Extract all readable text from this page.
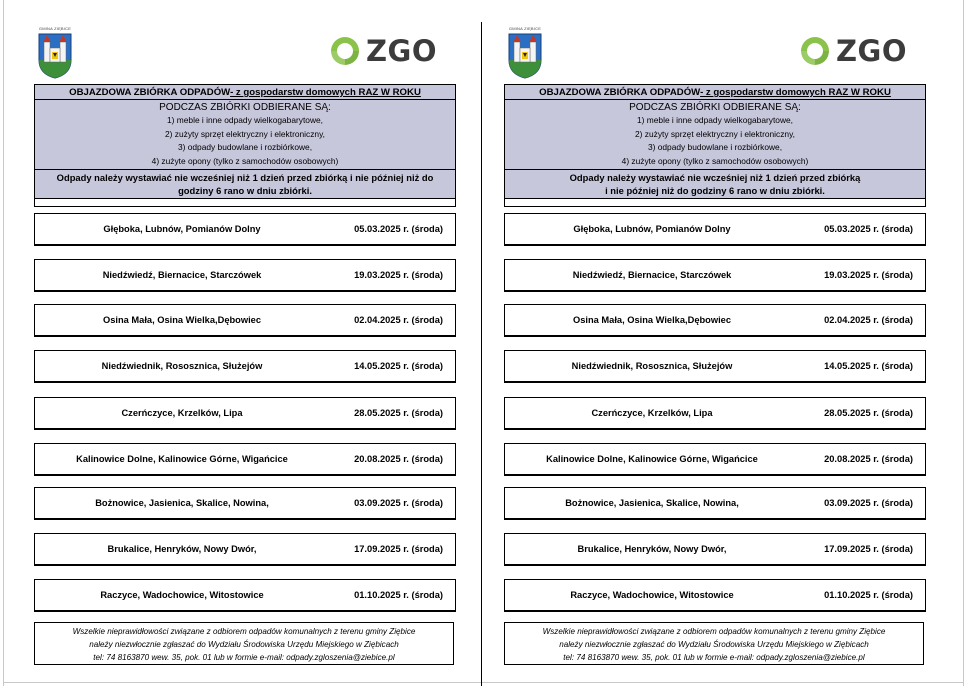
GMINA ZIĘBICE
ZGO
OBJAZDOWA ZBIÓRKA ODPADÓW- z gospodarstw domowych RAZ W ROKU
PODCZAS ZBIÓRKI ODBIERANE SĄ:
1) meble i inne odpady wielkogabarytowe,
2) zużyty sprzęt elektryczny i elektroniczny,
3) odpady budowlane i rozbiórkowe,
4) zużyte opony (tylko z samochodów osobowych)
Odpady należy wystawiać nie wcześniej niż 1 dzień przed zbiórką i nie później niż do
godziny 6 rano w dniu zbiórki.
Głęboka, Lubnów, Pomianów Dolny	05.03.2025 r. (środa)
Niedźwiedź, Biernacice, Starczówek	19.03.2025 r. (środa)
Osina Mała, Osina Wielka,Dębowiec	02.04.2025 r. (środa)
Niedźwiednik, Rososznica, Służejów	14.05.2025 r. (środa)
Czerńczyce, Krzelków, Lipa	28.05.2025 r. (środa)
Kalinowice Dolne, Kalinowice Górne, Wigańcice	20.08.2025 r. (środa)
Bożnowice, Jasienica, Skalice, Nowina,	03.09.2025 r. (środa)
Brukalice, Henryków, Nowy Dwór,	17.09.2025 r. (środa)
Raczyce, Wadochowice, Witostowice	01.10.2025 r. (środa)
Wszelkie nieprawidłowości związane z odbiorem odpadów komunalnych z terenu gminy Ziębice
należy niezwłocznie zgłaszać do Wydziału Środowiska Urzędu Miejskiego w Ziębicach
tel: 74 8163870 wew. 35, pok. 01 lub w formie e-mail: odpady.zgloszenia@ziebice.pl
GMINA ZIĘBICE
ZGO
OBJAZDOWA ZBIÓRKA ODPADÓW- z gospodarstw domowych RAZ W ROKU
PODCZAS ZBIÓRKI ODBIERANE SĄ:
1) meble i inne odpady wielkogabarytowe,
2) zużyty sprzęt elektryczny i elektroniczny,
3) odpady budowlane i rozbiórkowe,
4) zużyte opony (tylko z samochodów osobowych)
Odpady należy wystawiać nie wcześniej niż 1 dzień przed zbiórką
i nie później niż do godziny 6 rano w dniu zbiórki.
Głęboka, Lubnów, Pomianów Dolny	05.03.2025 r. (środa)
Niedźwiedź, Biernacice, Starczówek	19.03.2025 r. (środa)
Osina Mała, Osina Wielka,Dębowiec	02.04.2025 r. (środa)
Niedźwiednik, Rososznica, Służejów	14.05.2025 r. (środa)
Czerńczyce, Krzelków, Lipa	28.05.2025 r. (środa)
Kalinowice Dolne, Kalinowice Górne, Wigańcice	20.08.2025 r. (środa)
Bożnowice, Jasienica, Skalice, Nowina,	03.09.2025 r. (środa)
Brukalice, Henryków, Nowy Dwór,	17.09.2025 r. (środa)
Raczyce, Wadochowice, Witostowice	01.10.2025 r. (środa)
Wszelkie nieprawidłowości związane z odbiorem odpadów komunalnych z terenu gminy Ziębice
należy niezwłocznie zgłaszać do Wydziału Środowiska Urzędu Miejskiego w Ziębicach
tel: 74 8163870 wew. 35, pok. 01 lub w formie e-mail: odpady.zgloszenia@ziebice.pl
